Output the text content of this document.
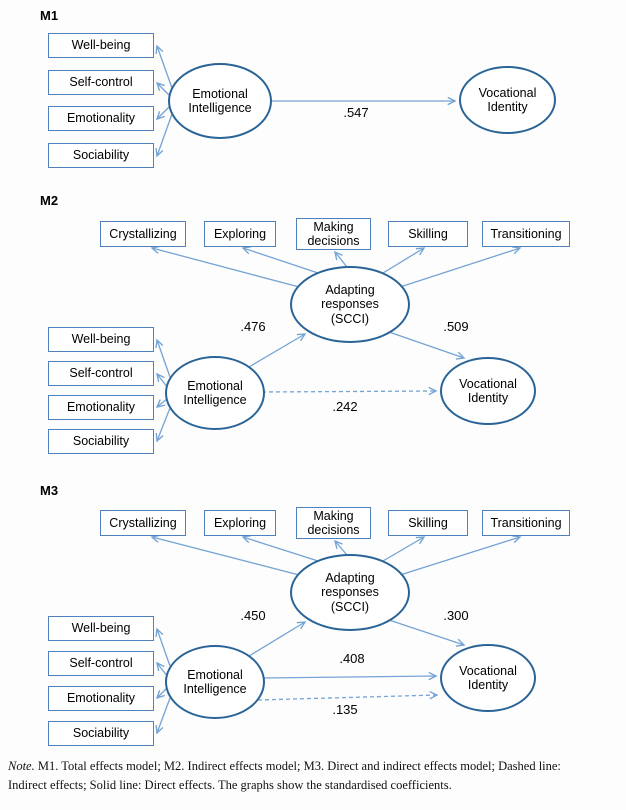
M1
Well-being
Self-control
Emotionality
Sociability
Emotional Intelligence
Vocational Identity
.547
M2
Crystallizing	Exploring
Making decisions
Skilling	Transitioning
Adapting responses (SCCI)
Well-being
Self-control
Emotionality
Sociability
Emotional Intelligence
Vocational Identity
.476	.509
.242
M3
Crystallizing	Exploring
Making decisions
Skilling	Transitioning
Adapting responses (SCCI)
Well-being
Self-control
Emotionality
Sociability
Emotional Intelligence
Vocational Identity
.450	.300
.408
.135

Note. M1. Total effects model; M2. Indirect effects model; M3. Direct and indirect effects model; Dashed line:
Indirect effects; Solid line: Direct effects. The graphs show the standardised coefficients.
